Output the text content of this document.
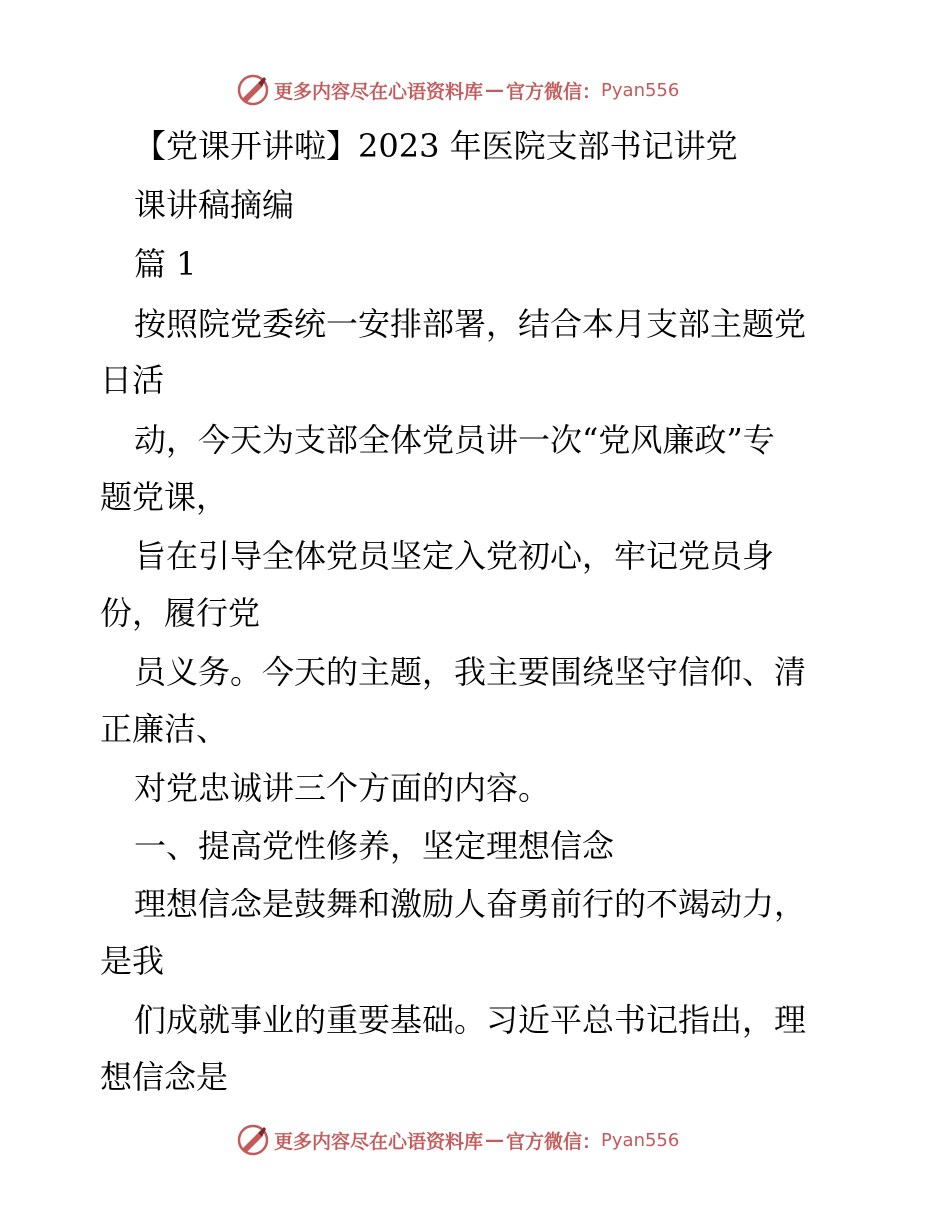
更多内容尽在心语资料库 — 官方微信： Pyan556
【党课开讲啦】2023 年医院支部书记讲党
课讲稿摘编
篇 1
按照院党委统一安排部署，结合本月支部主题党
日活
动，今天为支部全体党员讲一次“党风廉政”专
题党课，
旨在引导全体党员坚定入党初心，牢记党员身
份，履行党
员义务。今天的主题，我主要围绕坚守信仰、清
正廉洁、
对党忠诚讲三个方面的内容。
一、提高党性修养，坚定理想信念
理想信念是鼓舞和激励人奋勇前行的不竭动力，
是我
们成就事业的重要基础。习近平总书记指出，理
想信念是
更多内容尽在心语资料库 — 官方微信： Pyan556
